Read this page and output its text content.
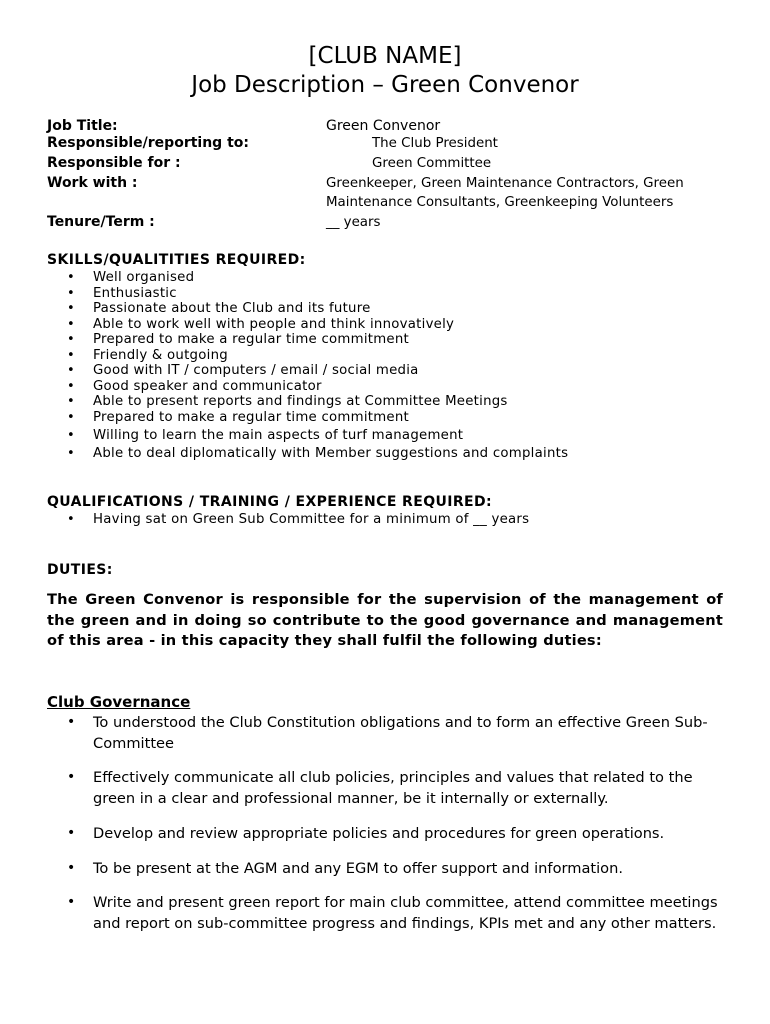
[CLUB NAME]
Job Description – Green Convenor
Job Title:	Green Convenor
Responsible/reporting to:	The Club President
Responsible for :	Green Committee
Work with :	Greenkeeper, Green Maintenance Contractors, Green
Maintenance Consultants, Greenkeeping Volunteers
Tenure/Term :	__ years
SKILLS/QUALITITIES REQUIRED:
• Well organised
• Enthusiastic
• Passionate about the Club and its future
• Able to work well with people and think innovatively
• Prepared to make a regular time commitment
• Friendly & outgoing
• Good with IT / computers / email / social media
• Good speaker and communicator
• Able to present reports and findings at Committee Meetings
• Prepared to make a regular time commitment
• Willing to learn the main aspects of turf management
• Able to deal diplomatically with Member suggestions and complaints
QUALIFICATIONS / TRAINING / EXPERIENCE REQUIRED:
• Having sat on Green Sub Committee for a minimum of __ years
DUTIES:
The Green Convenor is responsible for the supervision of the management of the green and in doing so contribute to the good governance and management of this area - in this capacity they shall fulfil the following duties:
Club Governance
• To understood the Club Constitution obligations and to form an effective Green Sub-Committee
• Effectively communicate all club policies, principles and values that related to the green in a clear and professional manner, be it internally or externally.
• Develop and review appropriate policies and procedures for green operations.
• To be present at the AGM and any EGM to offer support and information.
• Write and present green report for main club committee, attend committee meetings and report on sub-committee progress and findings, KPIs met and any other matters.
